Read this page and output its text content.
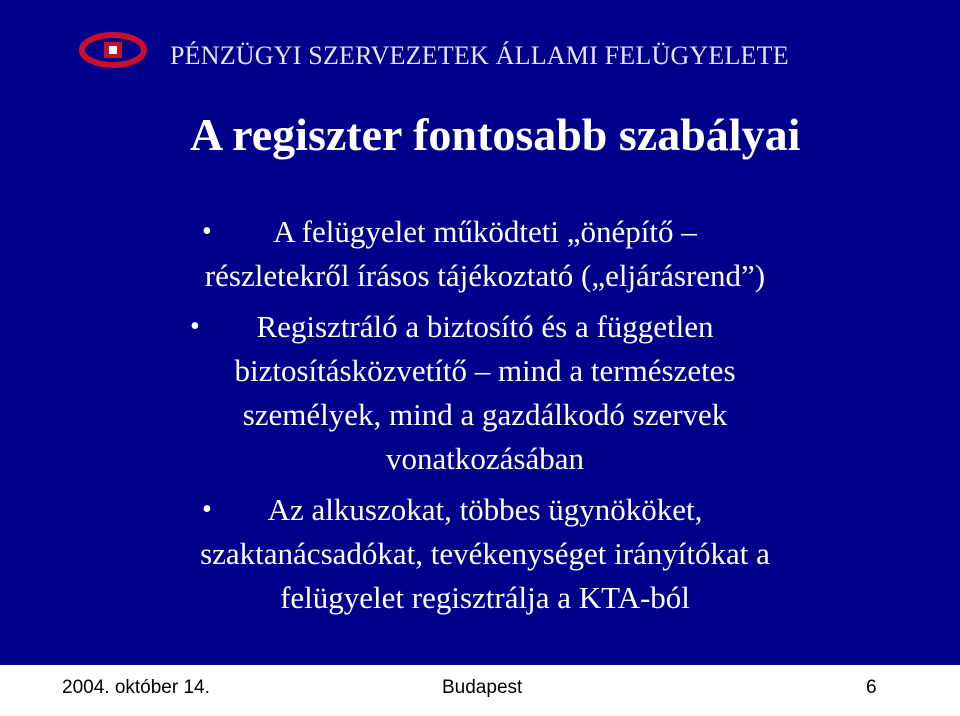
PÉNZÜGYI SZERVEZETEK ÁLLAMI FELÜGYELETE
A regiszter fontosabb szabályai
•	A felügyelet működteti „önépítő –
részletekről írásos tájékoztató („eljárásrend”)
•	Regisztráló a biztosító és a független
biztosításközvetítő – mind a természetes
személyek, mind a gazdálkodó szervek
vonatkozásában
•	Az alkuszokat, többes ügynököket,
szaktanácsadókat, tevékenységet irányítókat a
felügyelet regisztrálja a KTA-ból
2004. október 14.	Budapest	6
